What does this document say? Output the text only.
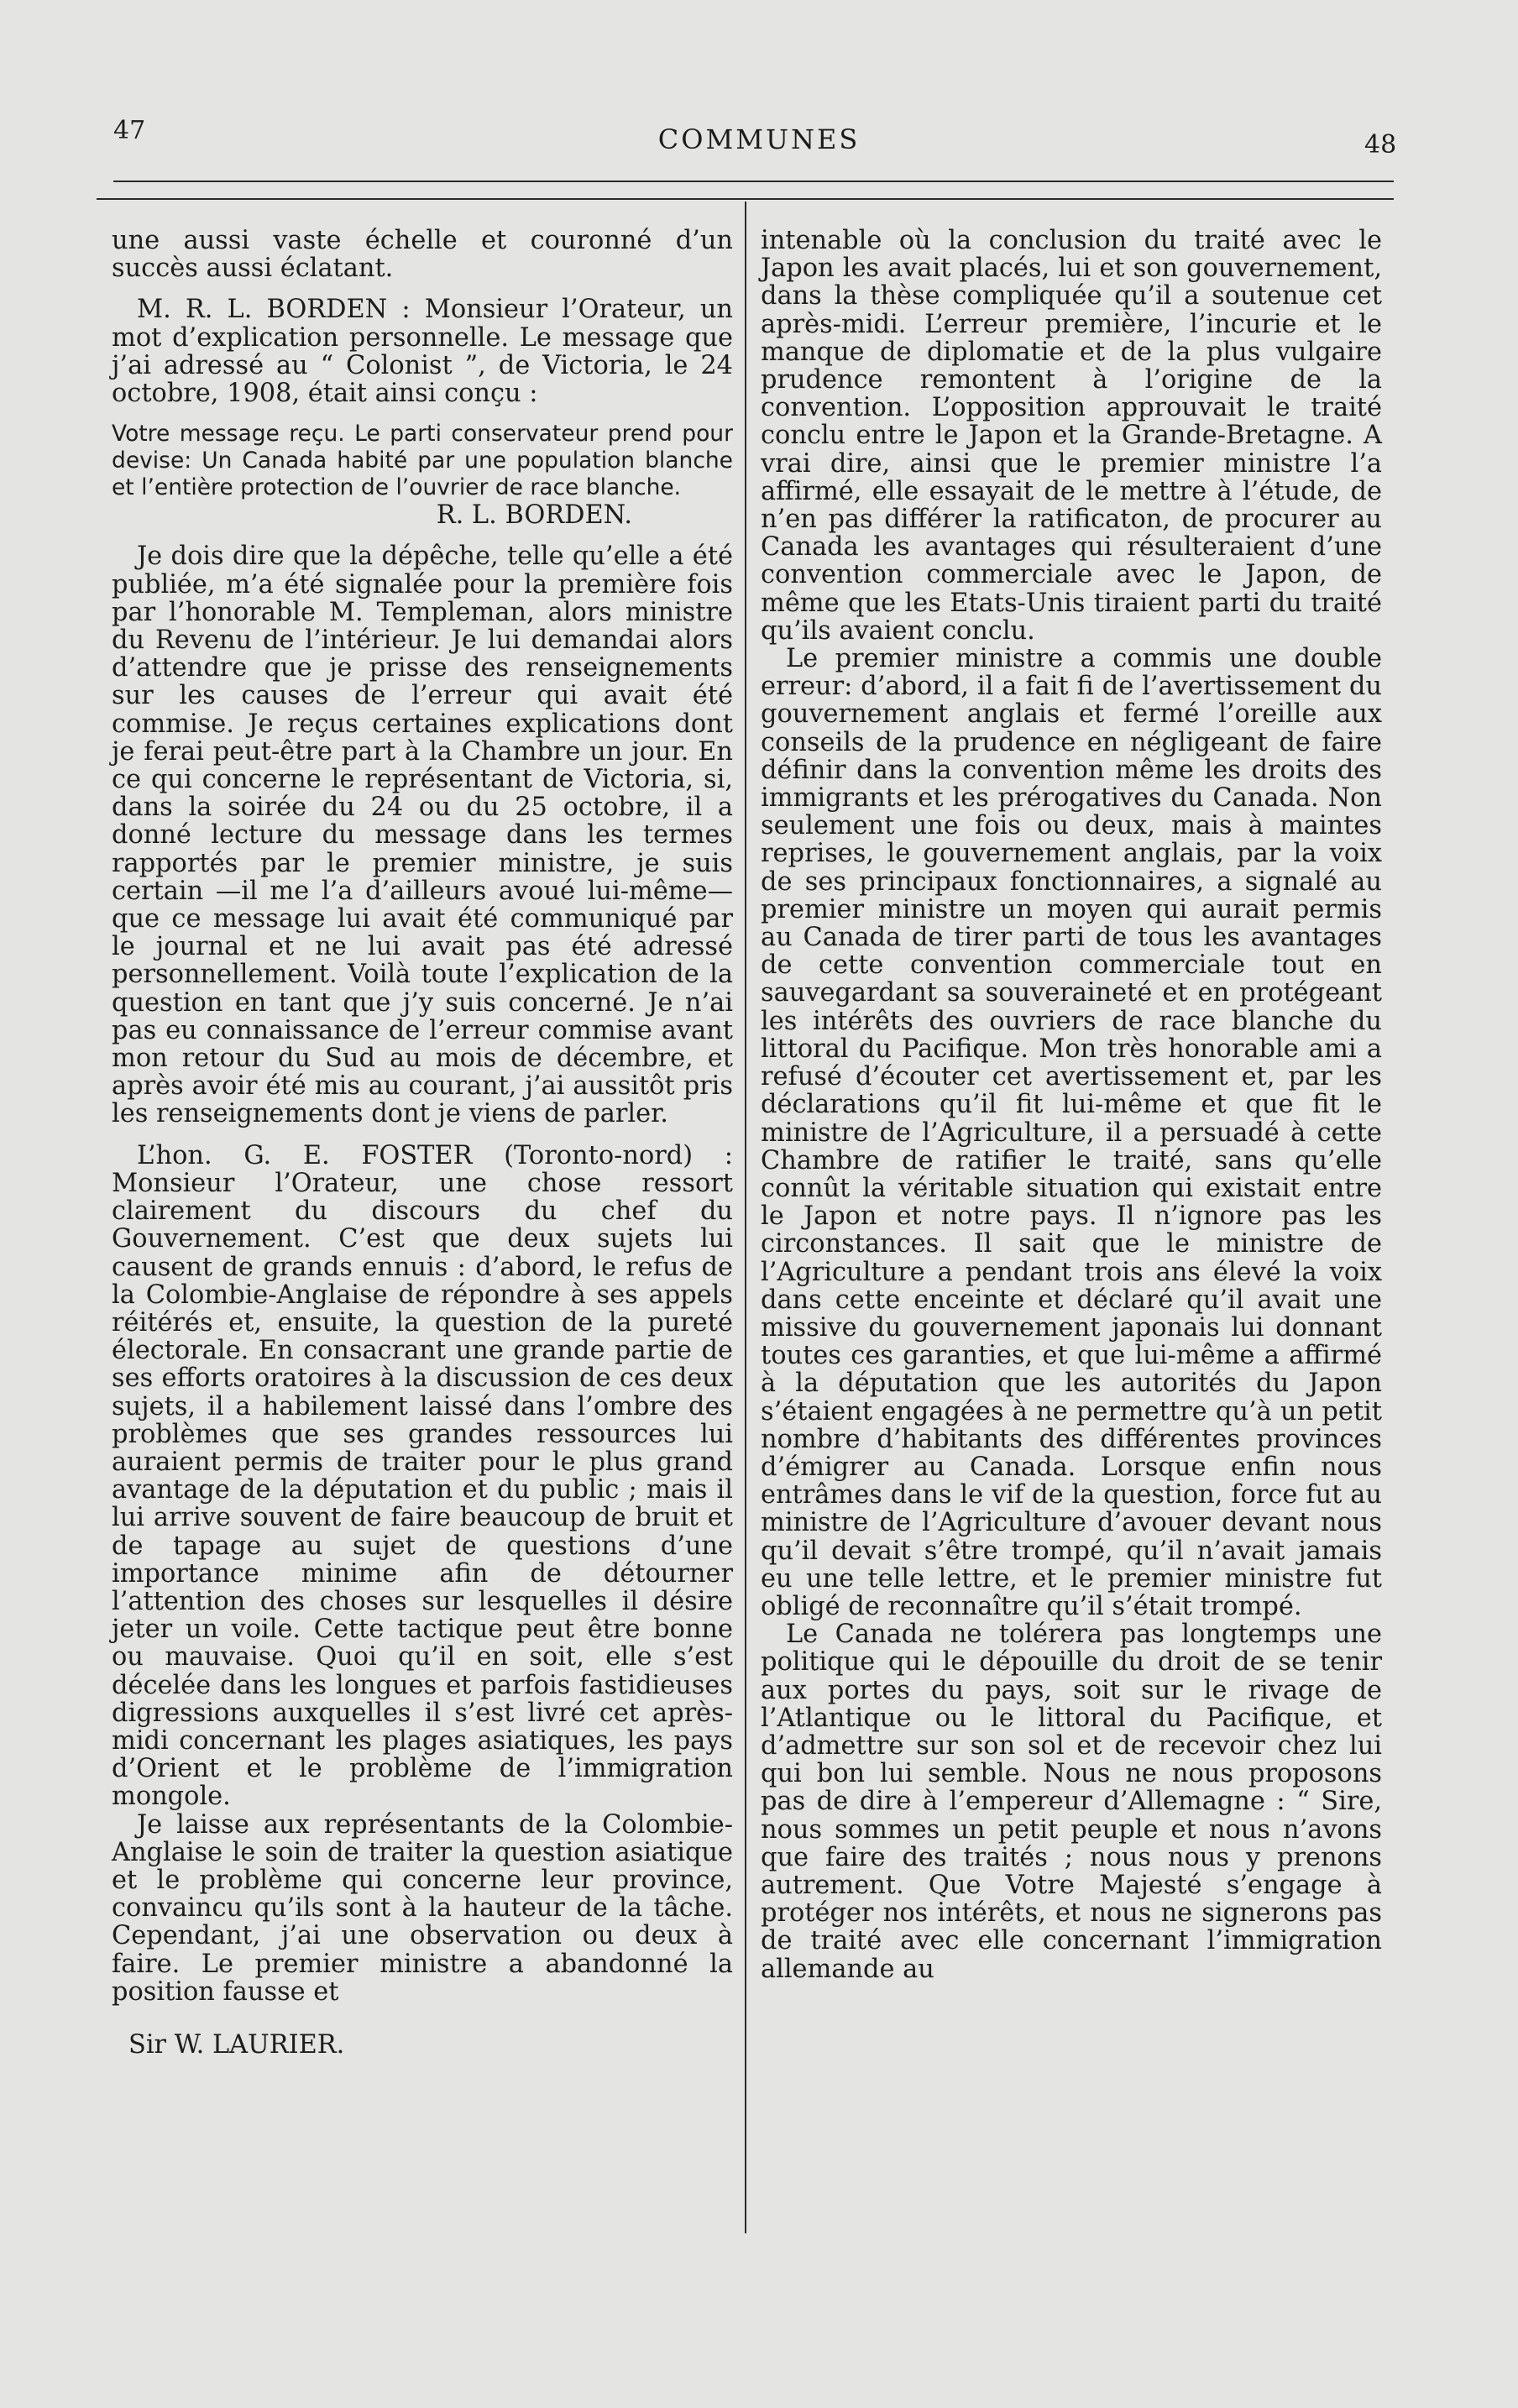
47	COMMUNES	48

une aussi vaste échelle et couronné d’un succès aussi éclatant.

M. R. L. BORDEN : Monsieur l’Orateur, un mot d’explication personnelle. Le message que j’ai adressé au “ Colonist ”, de Victoria, le 24 octobre, 1908, était ainsi conçu :

Votre message reçu. Le parti conservateur prend pour devise: Un Canada habité par une population blanche et l’entière protection de l’ouvrier de race blanche.

R. L. BORDEN.

Je dois dire que la dépêche, telle qu’elle a été publiée, m’a été signalée pour la première fois par l’honorable M. Templeman, alors ministre du Revenu de l’intérieur. Je lui demandai alors d’attendre que je prisse des renseignements sur les causes de l’erreur qui avait été commise. Je reçus certaines explications dont je ferai peut-être part à la Chambre un jour. En ce qui concerne le représentant de Victoria, si, dans la soirée du 24 ou du 25 octobre, il a donné lecture du message dans les termes rapportés par le premier ministre, je suis certain —il me l’a d’ailleurs avoué lui-même—que ce message lui avait été communiqué par le journal et ne lui avait pas été adressé personnellement. Voilà toute l’explication de la question en tant que j’y suis concerné. Je n’ai pas eu connaissance de l’erreur commise avant mon retour du Sud au mois de décembre, et après avoir été mis au courant, j’ai aussitôt pris les renseignements dont je viens de parler.

L’hon. G. E. FOSTER (Toronto-nord) : Monsieur l’Orateur, une chose ressort clairement du discours du chef du Gouvernement. C’est que deux sujets lui causent de grands ennuis : d’abord, le refus de la Colombie-Anglaise de répondre à ses appels réitérés et, ensuite, la question de la pureté électorale. En consacrant une grande partie de ses efforts oratoires à la discussion de ces deux sujets, il a habilement laissé dans l’ombre des problèmes que ses grandes ressources lui auraient permis de traiter pour le plus grand avantage de la députation et du public ; mais il lui arrive souvent de faire beaucoup de bruit et de tapage au sujet de questions d’une importance minime afin de détourner l’attention des choses sur lesquelles il désire jeter un voile. Cette tactique peut être bonne ou mauvaise. Quoi qu’il en soit, elle s’est décelée dans les longues et parfois fastidieuses digressions auxquelles il s’est livré cet après-midi concernant les plages asiatiques, les pays d’Orient et le problème de l’immigration mongole.

Je laisse aux représentants de la Colombie-Anglaise le soin de traiter la question asiatique et le problème qui concerne leur province, convaincu qu’ils sont à la hauteur de la tâche. Cependant, j’ai une observation ou deux à faire. Le premier ministre a abandonné la position fausse et

Sir W. LAURIER.

intenable où la conclusion du traité avec le Japon les avait placés, lui et son gouvernement, dans la thèse compliquée qu’il a soutenue cet après-midi. L’erreur première, l’incurie et le manque de diplomatie et de la plus vulgaire prudence remontent à l’origine de la convention. L’opposition approuvait le traité conclu entre le Japon et la Grande-Bretagne. A vrai dire, ainsi que le premier ministre l’a affirmé, elle essayait de le mettre à l’étude, de n’en pas différer la ratificaton, de procurer au Canada les avantages qui résulteraient d’une convention commerciale avec le Japon, de même que les Etats-Unis tiraient parti du traité qu’ils avaient conclu.

Le premier ministre a commis une double erreur: d’abord, il a fait fi de l’avertissement du gouvernement anglais et fermé l’oreille aux conseils de la prudence en négligeant de faire définir dans la convention même les droits des immigrants et les prérogatives du Canada. Non seulement une fois ou deux, mais à maintes reprises, le gouvernement anglais, par la voix de ses principaux fonctionnaires, a signalé au premier ministre un moyen qui aurait permis au Canada de tirer parti de tous les avantages de cette convention commerciale tout en sauvegardant sa souveraineté et en protégeant les intérêts des ouvriers de race blanche du littoral du Pacifique. Mon très honorable ami a refusé d’écouter cet avertissement et, par les déclarations qu’il fit lui-même et que fit le ministre de l’Agriculture, il a persuadé à cette Chambre de ratifier le traité, sans qu’elle connût la véritable situation qui existait entre le Japon et notre pays. Il n’ignore pas les circonstances. Il sait que le ministre de l’Agriculture a pendant trois ans élevé la voix dans cette enceinte et déclaré qu’il avait une missive du gouvernement japonais lui donnant toutes ces garanties, et que lui-même a affirmé à la députation que les autorités du Japon s’étaient engagées à ne permettre qu’à un petit nombre d’habitants des différentes provinces d’émigrer au Canada. Lorsque enfin nous entrâmes dans le vif de la question, force fut au ministre de l’Agriculture d’avouer devant nous qu’il devait s’être trompé, qu’il n’avait jamais eu une telle lettre, et le premier ministre fut obligé de reconnaître qu’il s’était trompé.

Le Canada ne tolérera pas longtemps une politique qui le dépouille du droit de se tenir aux portes du pays, soit sur le rivage de l’Atlantique ou le littoral du Pacifique, et d’admettre sur son sol et de recevoir chez lui qui bon lui semble. Nous ne nous proposons pas de dire à l’empereur d’Allemagne : “ Sire, nous sommes un petit peuple et nous n’avons que faire des traités ; nous nous y prenons autrement. Que Votre Majesté s’engage à protéger nos intérêts, et nous ne signerons pas de traité avec elle concernant l’immigration allemande au
